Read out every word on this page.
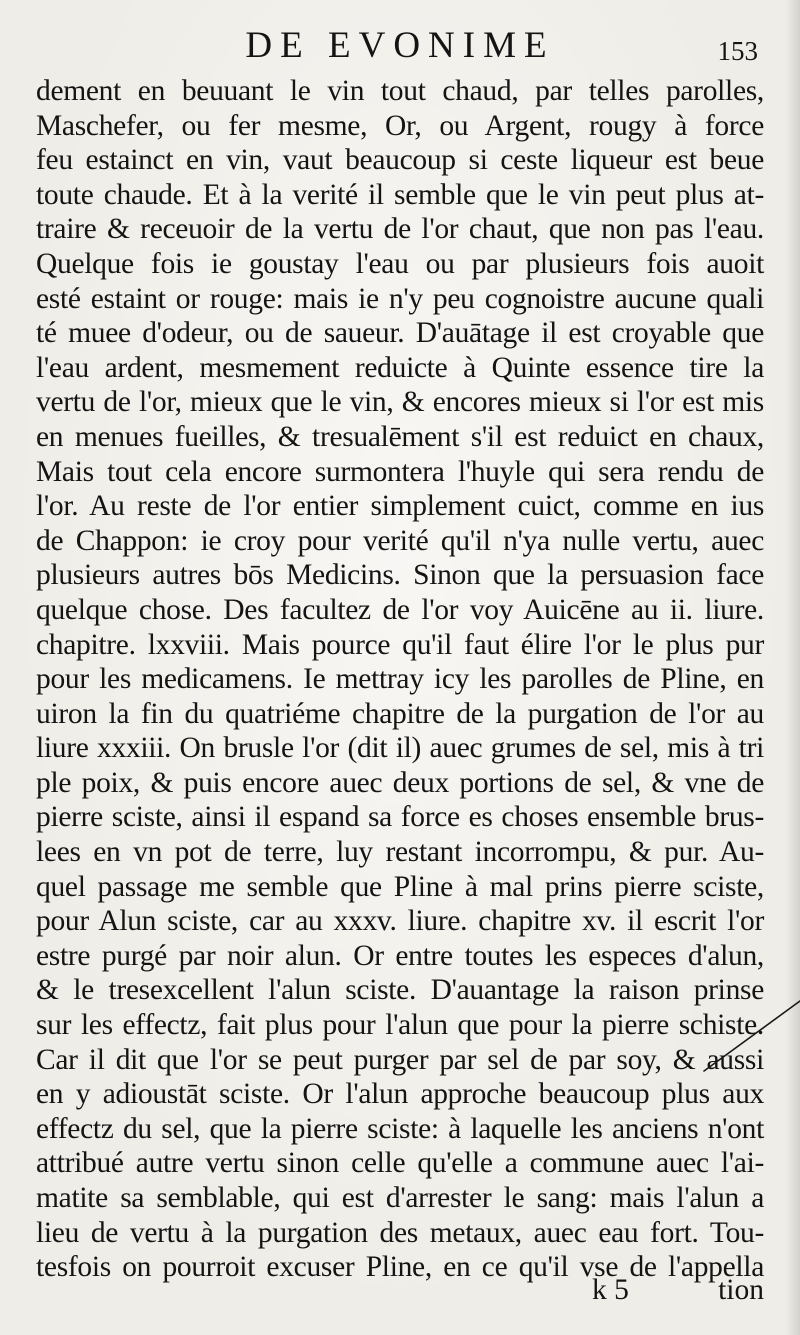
DE EVONIME	153
dement en beuuant le vin tout chaud, par telles parolles,
Maschefer, ou fer mesme, Or, ou Argent, rougy à force
feu estainct en vin, vaut beaucoup si ceste liqueur est beue
toute chaude. Et à la verité il semble que le vin peut plus at-
traire & receuoir de la vertu de l'or chaut, que non pas l'eau.
Quelque fois ie goustay l'eau ou par plusieurs fois auoit
esté estaint or rouge: mais ie n'y peu cognoistre aucune quali
té muee d'odeur, ou de saueur. D'auātage il est croyable que
l'eau ardent, mesmement reduicte à Quinte essence tire la
vertu de l'or, mieux que le vin, & encores mieux si l'or est mis
en menues fueilles, & tresualēment s'il est reduict en chaux,
Mais tout cela encore surmontera l'huyle qui sera rendu de
l'or. Au reste de l'or entier simplement cuict, comme en ius
de Chappon: ie croy pour verité qu'il n'ya nulle vertu, auec
plusieurs autres bōs Medicins. Sinon que la persuasion face
quelque chose. Des facultez de l'or voy Auicēne au ii. liure.
chapitre. lxxviii. Mais pource qu'il faut élire l'or le plus pur
pour les medicamens. Ie mettray icy les parolles de Pline, en
uiron la fin du quatriéme chapitre de la purgation de l'or au
liure xxxiii. On brusle l'or (dit il) auec grumes de sel, mis à tri
ple poix, & puis encore auec deux portions de sel, & vne de
pierre sciste, ainsi il espand sa force es choses ensemble brus-
lees en vn pot de terre, luy restant incorrompu, & pur. Au-
quel passage me semble que Pline à mal prins pierre sciste,
pour Alun sciste, car au xxxv. liure. chapitre xv. il escrit l'or
estre purgé par noir alun. Or entre toutes les especes d'alun,
& le tresexcellent l'alun sciste. D'auantage la raison prinse
sur les effectz, fait plus pour l'alun que pour la pierre schiste.
Car il dit que l'or se peut purger par sel de par soy, & aussi
en y adioustāt sciste. Or l'alun approche beaucoup plus aux
effectz du sel, que la pierre sciste: à laquelle les anciens n'ont
attribué autre vertu sinon celle qu'elle a commune auec l'ai-
matite sa semblable, qui est d'arrester le sang: mais l'alun a
lieu de vertu à la purgation des metaux, auec eau fort. Tou-
tesfois on pourroit excuser Pline, en ce qu'il vse de l'appella
k 5	tion
